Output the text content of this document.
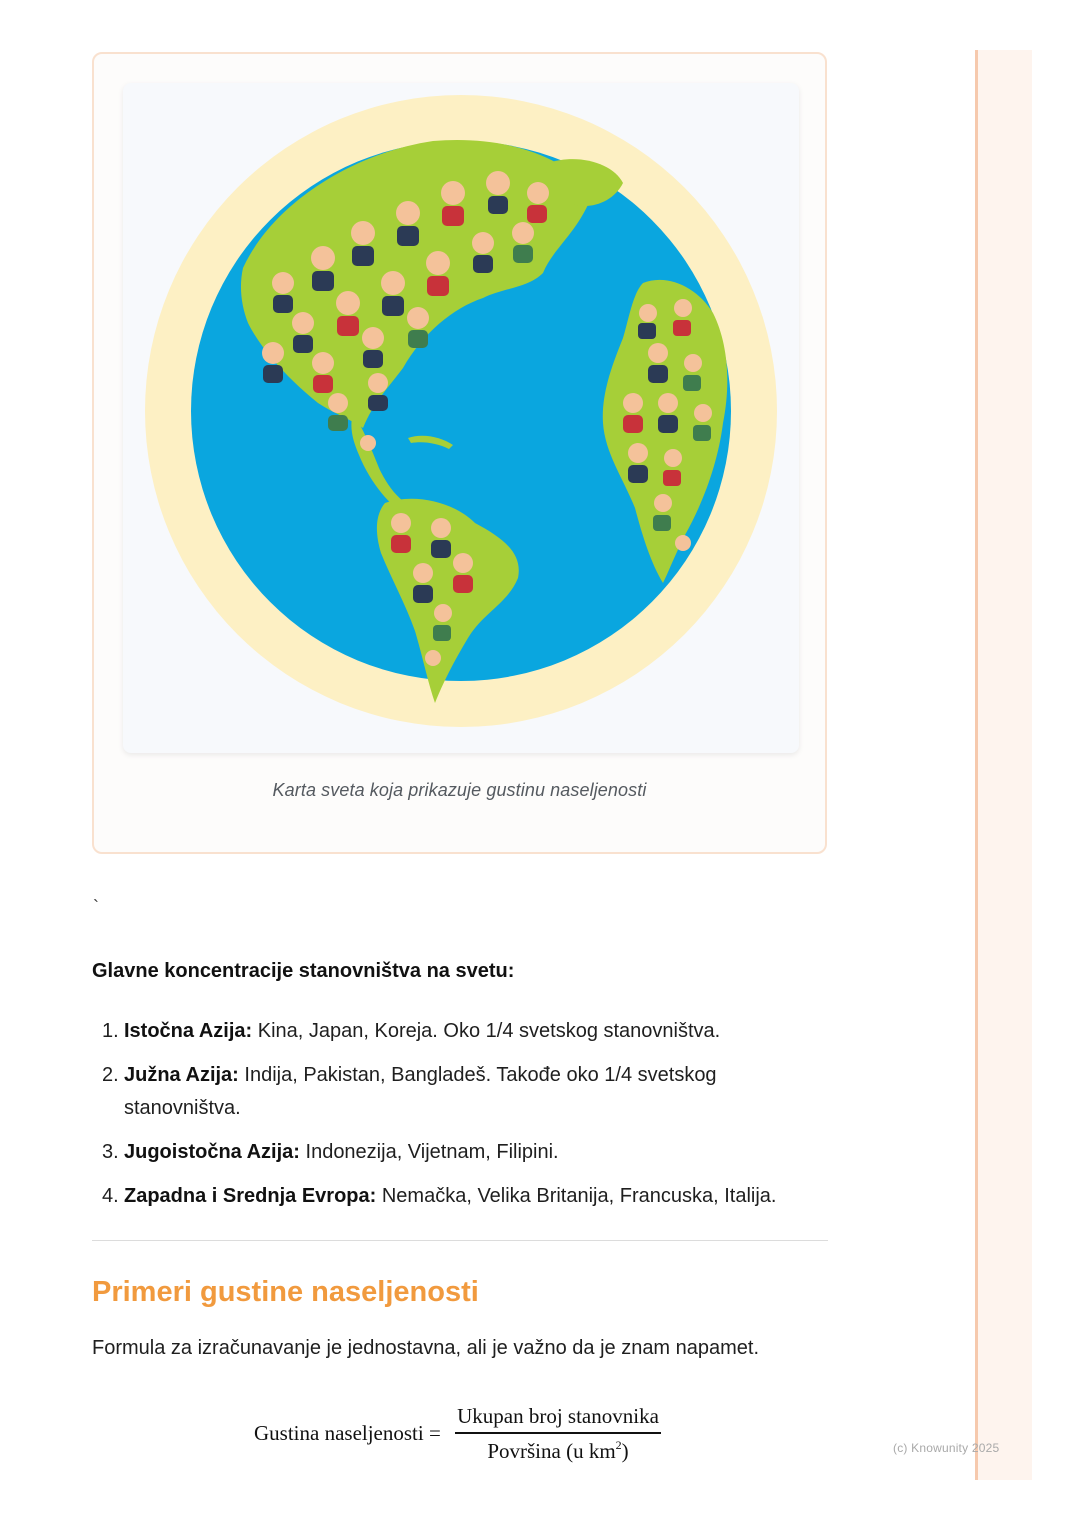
Karta sveta koja prikazuje gustinu naseljenosti
`
Glavne koncentracije stanovništva na svetu:
1. Istočna Azija: Kina, Japan, Koreja. Oko 1/4 svetskog stanovništva.
2. Južna Azija: Indija, Pakistan, Bangladeš. Takođe oko 1/4 svetskog stanovništva.
3. Jugoistočna Azija: Indonezija, Vijetnam, Filipini.
4. Zapadna i Srednja Evropa: Nemačka, Velika Britanija, Francuska, Italija.
Primeri gustine naseljenosti

Formula za izračunavanje je jednostavna, ali je važno da je znam napamet.

Gustina naseljenosti =
Ukupan broj stanovnika
Površina (u $km^2$)	(c) Knowunity 2025
